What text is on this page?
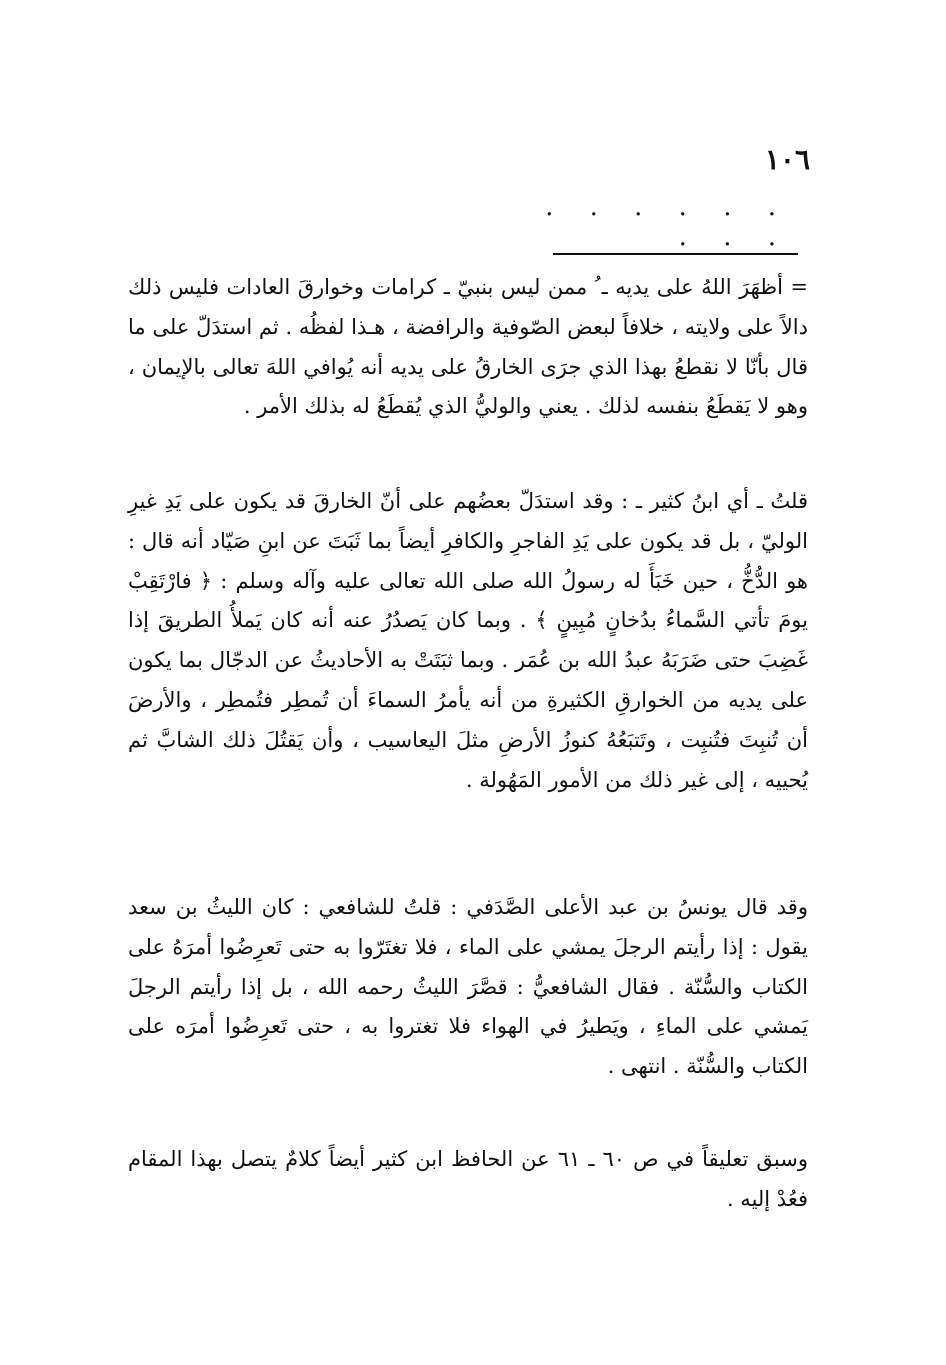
١٠٦
. . . . . . . . .
= أظهَرَ اللهُ على يديه ـ ُ ممن ليس بنبيّ ـ كرامات وخوارقَ العادات فليس ذلك دالاً على ولايته ، خلافاً لبعض الصّوفية والرافضة ، هـذا لفظُه . ثم استدَلّ على ما قال بأنّا لا نقطعُ بهذا الذي جرَى الخارقُ على يديه أنه يُوافي اللهَ تعالى بالإيمان ، وهو لا يَقطَعُ بنفسه لذلك . يعني والوليُّ الذي يُقطَعُ له بذلك الأمر .
قلتُ ـ أي ابنُ كثير ـ : وقد استدَلّ بعضُهم على أنّ الخارقَ قد يكون على يَدِ غيرِ الوليّ ، بل قد يكون على يَدِ الفاجرِ والكافرِ أيضاً بما ثَبَتَ عن ابنِ صَيّاد أنه قال : هو الدُّخُّ ، حين خَبَأَ له رسولُ الله صلى الله تعالى عليه وآله وسلم : ﴿ فارْتَقِبْ يومَ تأتي السَّماءُ بدُخانٍ مُبِينٍ ﴾ . وبما كان يَصدُرُ عنه أنه كان يَملأُ الطريقَ إذا غَضِبَ حتى ضَرَبَهُ عبدُ الله بن عُمَر . وبما ثبَتَتْ به الأحاديثُ عن الدجّال بما يكون على يديه من الخوارقِ الكثيرةِ من أنه يأمرُ السماءَ أن تُمطِر فتُمطِر ، والأرضَ أن تُنبِتَ فتُنبِت ، وتَتبَعُهُ كنوزُ الأرضِ مثلَ اليعاسيب ، وأن يَقتُلَ ذلك الشابَّ ثم يُحييه ، إلى غير ذلك من الأمور المَهُولة .
وقد قال يونسُ بن عبد الأعلى الصَّدَفي : قلتُ للشافعي : كان الليثُ بن سعد يقول : إذا رأيتم الرجلَ يمشي على الماء ، فلا تغتَرّوا به حتى تَعرِضُوا أمرَهُ على الكتاب والسُّنّة . فقال الشافعيُّ : قصَّرَ الليثُ رحمه الله ، بل إذا رأيتم الرجلَ يَمشي على الماءِ ، ويَطيرُ في الهواء فلا تغتروا به ، حتى تَعرِضُوا أمرَه على الكتاب والسُّنّة . انتهى .
وسبق تعليقاً في ص ٦٠ ـ ٦١ عن الحافظ ابن كثير أيضاً كلامٌ يتصل بهذا المقام فعُدْ إليه .
